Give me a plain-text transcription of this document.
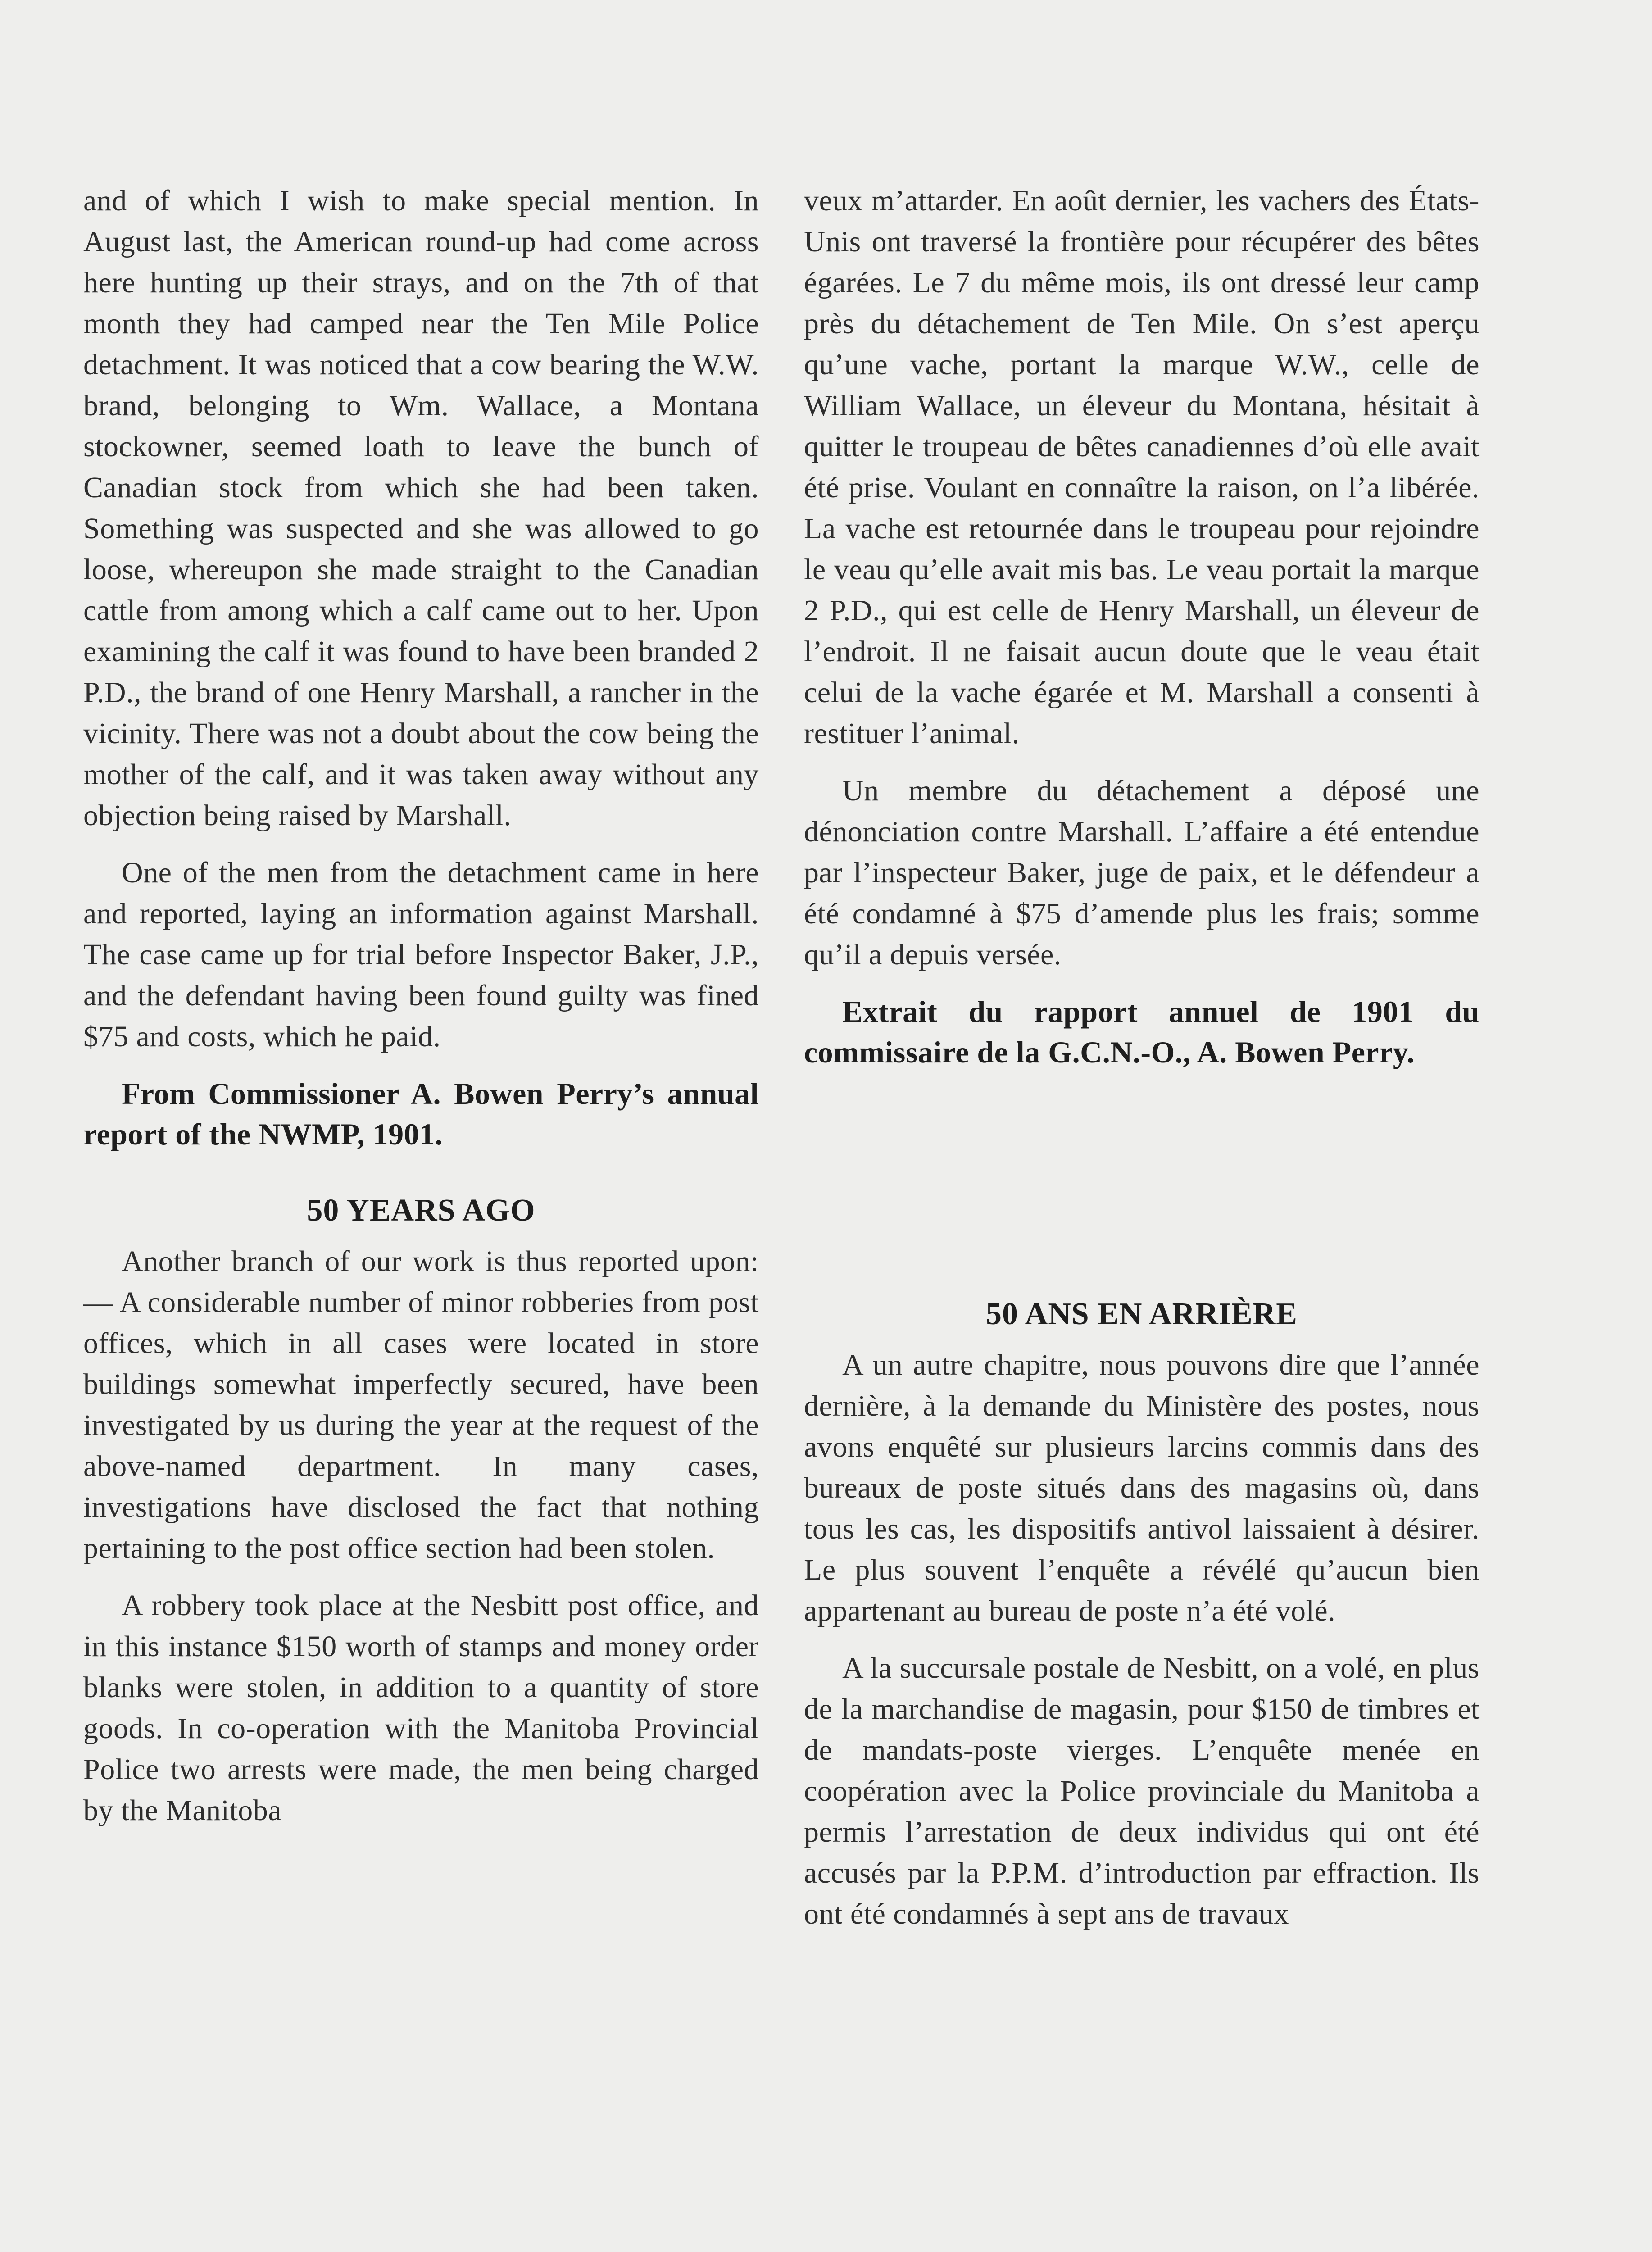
and of which I wish to make special mention. In August last, the American round-up had come across here hunting up their strays, and on the 7th of that month they had camped near the Ten Mile Police detachment. It was noticed that a cow bearing the W.W. brand, belonging to Wm. Wallace, a Montana stockowner, seemed loath to leave the bunch of Canadian stock from which she had been taken. Something was suspected and she was allowed to go loose, whereupon she made straight to the Canadian cattle from among which a calf came out to her. Upon examining the calf it was found to have been branded 2 P.D., the brand of one Henry Marshall, a rancher in the vicinity. There was not a doubt about the cow being the mother of the calf, and it was taken away without any objection being raised by Marshall.

One of the men from the detachment came in here and reported, laying an information against Marshall. The case came up for trial before Inspector Baker, J.P., and the defendant having been found guilty was fined $75 and costs, which he paid.

From Commissioner A. Bowen Perry’s annual report of the NWMP, 1901.

50 YEARS AGO

Another branch of our work is thus reported upon: — A considerable number of minor robberies from post offices, which in all cases were located in store buildings somewhat imperfectly secured, have been investigated by us during the year at the request of the above-named department. In many cases, investigations have disclosed the fact that nothing pertaining to the post office section had been stolen.

A robbery took place at the Nesbitt post office, and in this instance $150 worth of stamps and money order blanks were stolen, in addition to a quantity of store goods. In co-operation with the Manitoba Provincial Police two arrests were made, the men being charged by the Manitoba

veux m’attarder. En août dernier, les vachers des États-Unis ont traversé la frontière pour récupérer des bêtes égarées. Le 7 du même mois, ils ont dressé leur camp près du détachement de Ten Mile. On s’est aperçu qu’une vache, portant la marque W.W., celle de William Wallace, un éleveur du Montana, hésitait à quitter le troupeau de bêtes canadiennes d’où elle avait été prise. Voulant en connaître la raison, on l’a libérée. La vache est retournée dans le troupeau pour rejoindre le veau qu’elle avait mis bas. Le veau portait la marque 2 P.D., qui est celle de Henry Marshall, un éleveur de l’endroit. Il ne faisait aucun doute que le veau était celui de la vache égarée et M. Marshall a consenti à restituer l’animal.

Un membre du détachement a déposé une dénonciation contre Marshall. L’affaire a été entendue par l’inspecteur Baker, juge de paix, et le défendeur a été condamné à $75 d’amende plus les frais; somme qu’il a depuis versée.

Extrait du rapport annuel de 1901 du commissaire de la G.C.N.-O., A. Bowen Perry.

50 ANS EN ARRIÈRE

A un autre chapitre, nous pouvons dire que l’année dernière, à la demande du Ministère des postes, nous avons enquêté sur plusieurs larcins commis dans des bureaux de poste situés dans des magasins où, dans tous les cas, les dispositifs antivol laissaient à désirer. Le plus souvent l’enquête a révélé qu’aucun bien appartenant au bureau de poste n’a été volé.

A la succursale postale de Nesbitt, on a volé, en plus de la marchandise de magasin, pour $150 de timbres et de mandats-poste vierges. L’enquête menée en coopération avec la Police provinciale du Manitoba a permis l’arrestation de deux individus qui ont été accusés par la P.P.M. d’introduction par effraction. Ils ont été condamnés à sept ans de travaux
